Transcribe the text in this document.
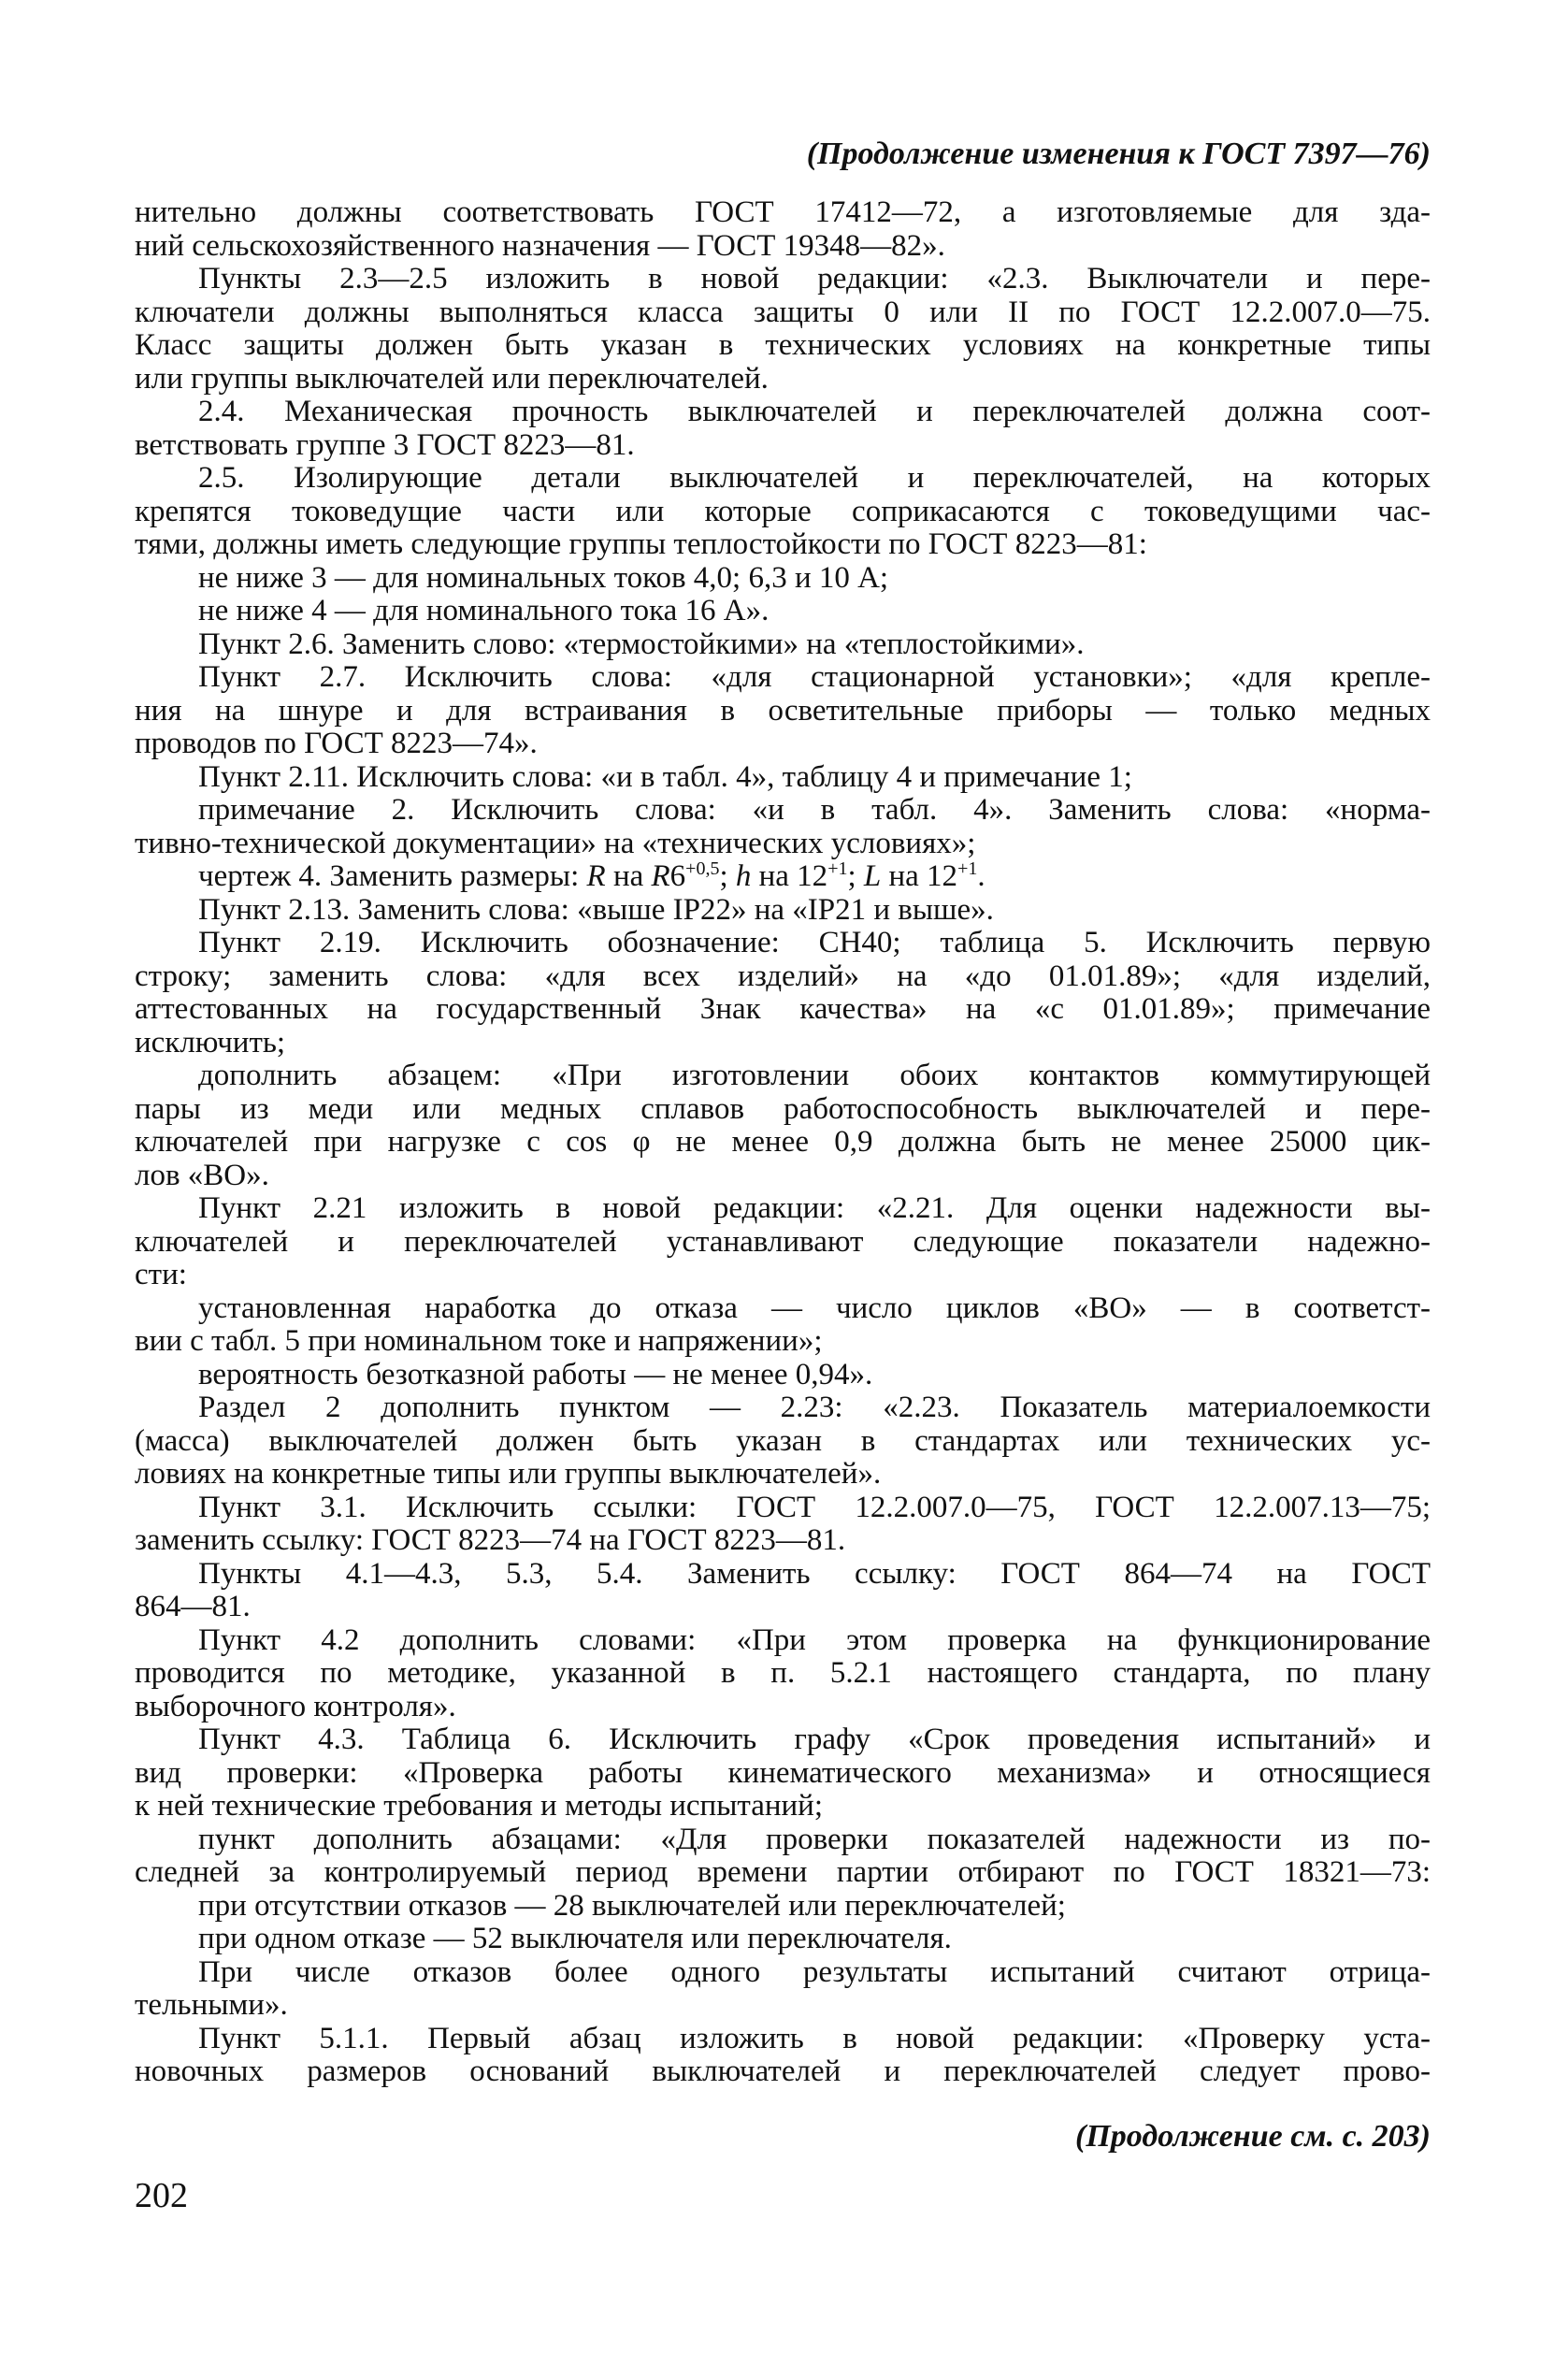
(Продолжение изменения к ГОСТ 7397—76)
нительно должны соответствовать ГОСТ 17412—72, а изготовляемые для зда-
ний сельскохозяйственного назначения — ГОСТ 19348—82».
Пункты 2.3—2.5 изложить в новой редакции: «2.3. Выключатели и пере-
ключатели должны выполняться класса защиты 0 или II по ГОСТ 12.2.007.0—75.
Класс защиты должен быть указан в технических условиях на конкретные типы
или группы выключателей или переключателей.
2.4. Механическая прочность выключателей и переключателей должна соот-
ветствовать группе 3 ГОСТ 8223—81.
2.5. Изолирующие детали выключателей и переключателей, на которых
крепятся токоведущие части или которые соприкасаются с токоведущими час-
тями, должны иметь следующие группы теплостойкости по ГОСТ 8223—81:
не ниже 3 — для номинальных токов 4,0; 6,3 и 10 А;
не ниже 4 — для номинального тока 16 А».
Пункт 2.6. Заменить слово: «термостойкими» на «теплостойкими».
Пункт 2.7. Исключить слова: «для стационарной установки»; «для крепле-
ния на шнуре и для встраивания в осветительные приборы — только медных
проводов по ГОСТ 8223—74».
Пункт 2.11. Исключить слова: «и в табл. 4», таблицу 4 и примечание 1;
примечание 2. Исключить слова: «и в табл. 4». Заменить слова: «норма-
тивно-технической документации» на «технических условиях»;
чертеж 4. Заменить размеры: R на $R6^{+0,5}$; h на $12^{+1}$; L на $12^{+1}$.
Пункт 2.13. Заменить слова: «выше IP22» на «IP21 и выше».
Пункт 2.19. Исключить обозначение: СН40; таблица 5. Исключить первую
строку; заменить слова: «для всех изделий» на «до 01.01.89»; «для изделий,
аттестованных на государственный Знак качества» на «с 01.01.89»; примечание
исключить;
дополнить абзацем: «При изготовлении обоих контактов коммутирующей
пары из меди или медных сплавов работоспособность выключателей и пере-
ключателей при нагрузке с cos φ не менее 0,9 должна быть не менее 25000 цик-
лов «ВО».
Пункт 2.21 изложить в новой редакции: «2.21. Для оценки надежности вы-
ключателей и переключателей устанавливают следующие показатели надежно-
сти:
установленная наработка до отказа — число циклов «ВО» — в соответст-
вии с табл. 5 при номинальном токе и напряжении»;
вероятность безотказной работы — не менее 0,94».
Раздел 2 дополнить пунктом — 2.23: «2.23. Показатель материалоемкости
(масса) выключателей должен быть указан в стандартах или технических ус-
ловиях на конкретные типы или группы выключателей».
Пункт 3.1. Исключить ссылки: ГОСТ 12.2.007.0—75, ГОСТ 12.2.007.13—75;
заменить ссылку: ГОСТ 8223—74 на ГОСТ 8223—81.
Пункты 4.1—4.3, 5.3, 5.4. Заменить ссылку: ГОСТ 864—74 на ГОСТ
864—81.
Пункт 4.2 дополнить словами: «При этом проверка на функционирование
проводится по методике, указанной в п. 5.2.1 настоящего стандарта, по плану
выборочного контроля».
Пункт 4.3. Таблица 6. Исключить графу «Срок проведения испытаний» и
вид проверки: «Проверка работы кинематического механизма» и относящиеся
к ней технические требования и методы испытаний;
пункт дополнить абзацами: «Для проверки показателей надежности из по-
следней за контролируемый период времени партии отбирают по ГОСТ 18321—73:
при отсутствии отказов — 28 выключателей или переключателей;
при одном отказе — 52 выключателя или переключателя.
При числе отказов более одного результаты испытаний считают отрица-
тельными».
Пункт 5.1.1. Первый абзац изложить в новой редакции: «Проверку уста-
новочных размеров оснований выключателей и переключателей следует прово-
(Продолжение см. с. 203)
202
